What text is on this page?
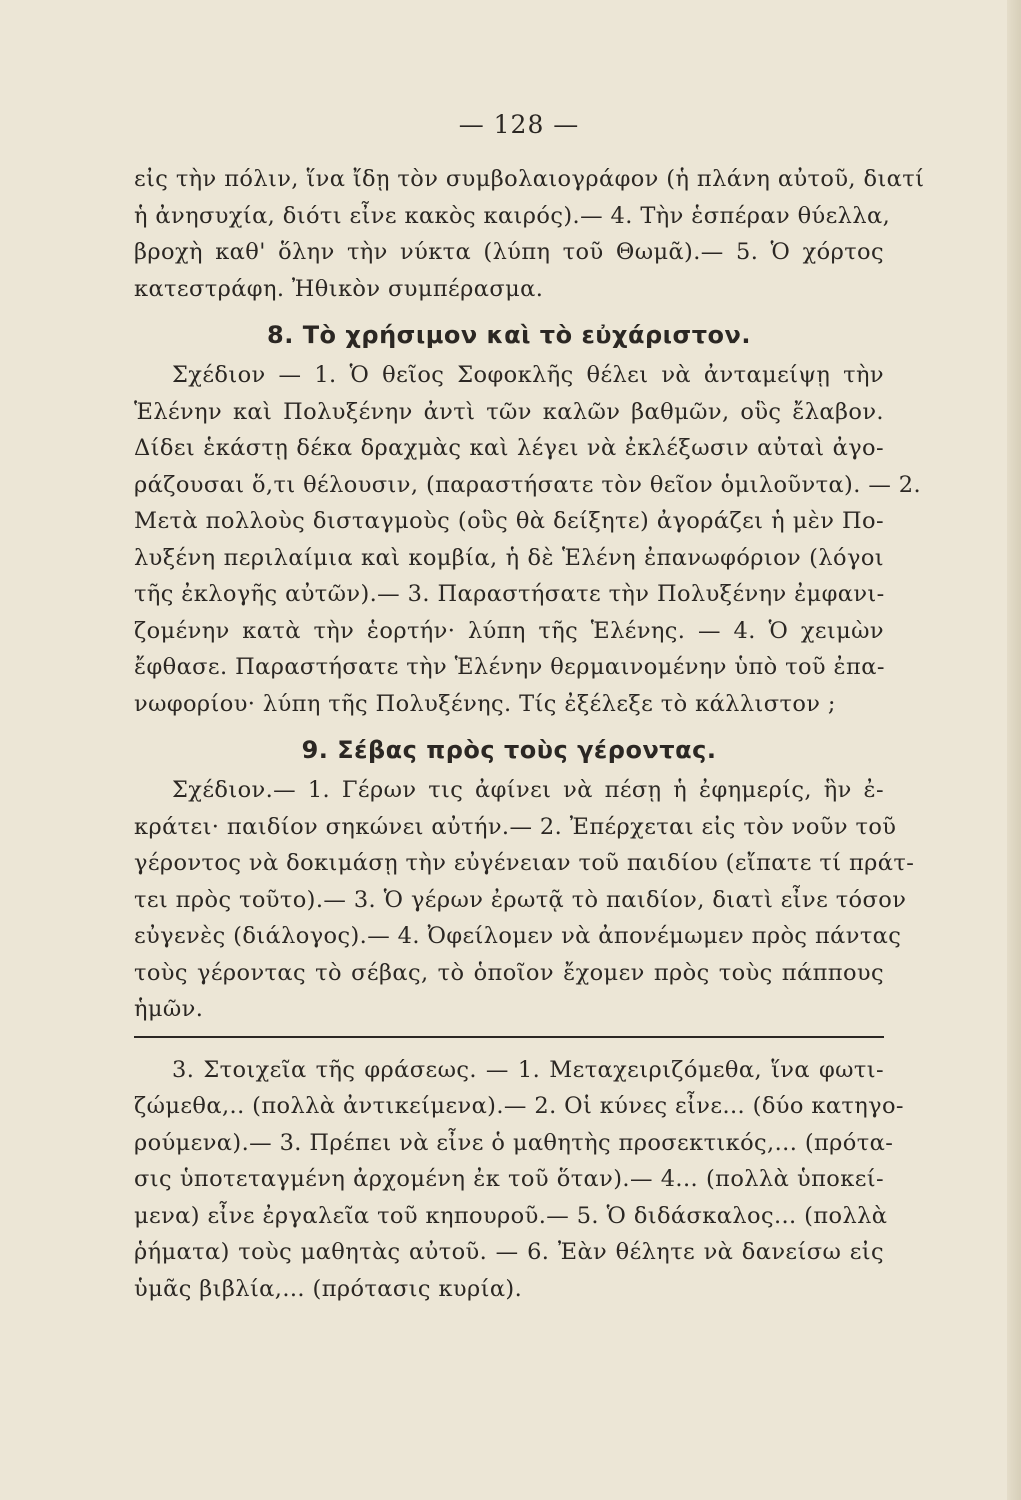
— 128 —
εἰς τὴν πόλιν, ἵνα ἴδῃ τὸν συμβολαιογράφον (ἡ πλάνη αὐτοῦ, διατί
ἡ ἀνησυχία, διότι εἶνε κακὸς καιρός).— 4. Τὴν ἑσπέραν θύελλα,
βροχὴ καθ' ὅλην τὴν νύκτα (λύπη τοῦ Θωμᾶ).— 5. Ὁ χόρτος
κατεστράφη. Ἠθικὸν συμπέρασμα.
8. Τὸ χρήσιμον καὶ τὸ εὐχάριστον.
Σχέδιον — 1. Ὁ θεῖος Σοφοκλῆς θέλει νὰ ἀνταμείψῃ τὴν
Ἑλένην καὶ Πολυξένην ἀντὶ τῶν καλῶν βαθμῶν, οὓς ἔλαβον.
Δίδει ἑκάστῃ δέκα δραχμὰς καὶ λέγει νὰ ἐκλέξωσιν αὐταὶ ἀγο-
ράζουσαι ὅ,τι θέλουσιν, (παραστήσατε τὸν θεῖον ὁμιλοῦντα). — 2.
Μετὰ πολλοὺς δισταγμοὺς (οὓς θὰ δείξητε) ἀγοράζει ἡ μὲν Πο-
λυξένη περιλαίμια καὶ κομβία, ἡ δὲ Ἑλένη ἐπανωφόριον (λόγοι
τῆς ἐκλογῆς αὐτῶν).— 3. Παραστήσατε τὴν Πολυξένην ἐμφανι-
ζομένην κατὰ τὴν ἑορτήν· λύπη τῆς Ἑλένης. — 4. Ὁ χειμὼν
ἔφθασε. Παραστήσατε τὴν Ἑλένην θερμαινομένην ὑπὸ τοῦ ἐπα-
νωφορίου· λύπη τῆς Πολυξένης. Τίς ἐξέλεξε τὸ κάλλιστον ;
9. Σέβας πρὸς τοὺς γέροντας.
Σχέδιον.— 1. Γέρων τις ἀφίνει νὰ πέσῃ ἡ ἐφημερίς, ἣν ἐ-
κράτει· παιδίον σηκώνει αὐτήν.— 2. Ἐπέρχεται εἰς τὸν νοῦν τοῦ
γέροντος νὰ δοκιμάσῃ τὴν εὐγένειαν τοῦ παιδίου (εἴπατε τί πράτ-
τει πρὸς τοῦτο).— 3. Ὁ γέρων ἐρωτᾷ τὸ παιδίον, διατὶ εἶνε τόσον
εὐγενὲς (διάλογος).— 4. Ὀφείλομεν νὰ ἀπονέμωμεν πρὸς πάντας
τοὺς γέροντας τὸ σέβας, τὸ ὁποῖον ἔχομεν πρὸς τοὺς πάππους
ἡμῶν.
3. Στοιχεῖα τῆς φράσεως. — 1. Μεταχειριζόμεθα, ἵνα φωτι-
ζώμεθα,.. (πολλὰ ἀντικείμενα).— 2. Οἱ κύνες εἶνε... (δύο κατηγο-
ρούμενα).— 3. Πρέπει νὰ εἶνε ὁ μαθητὴς προσεκτικός,... (πρότα-
σις ὑποτεταγμένη ἀρχομένη ἐκ τοῦ ὅταν).— 4... (πολλὰ ὑποκεί-
μενα) εἶνε ἐργαλεῖα τοῦ κηπουροῦ.— 5. Ὁ διδάσκαλος... (πολλὰ
ῥήματα) τοὺς μαθητὰς αὐτοῦ. — 6. Ἐὰν θέλητε νὰ δανείσω εἰς
ὑμᾶς βιβλία,... (πρότασις κυρία).
